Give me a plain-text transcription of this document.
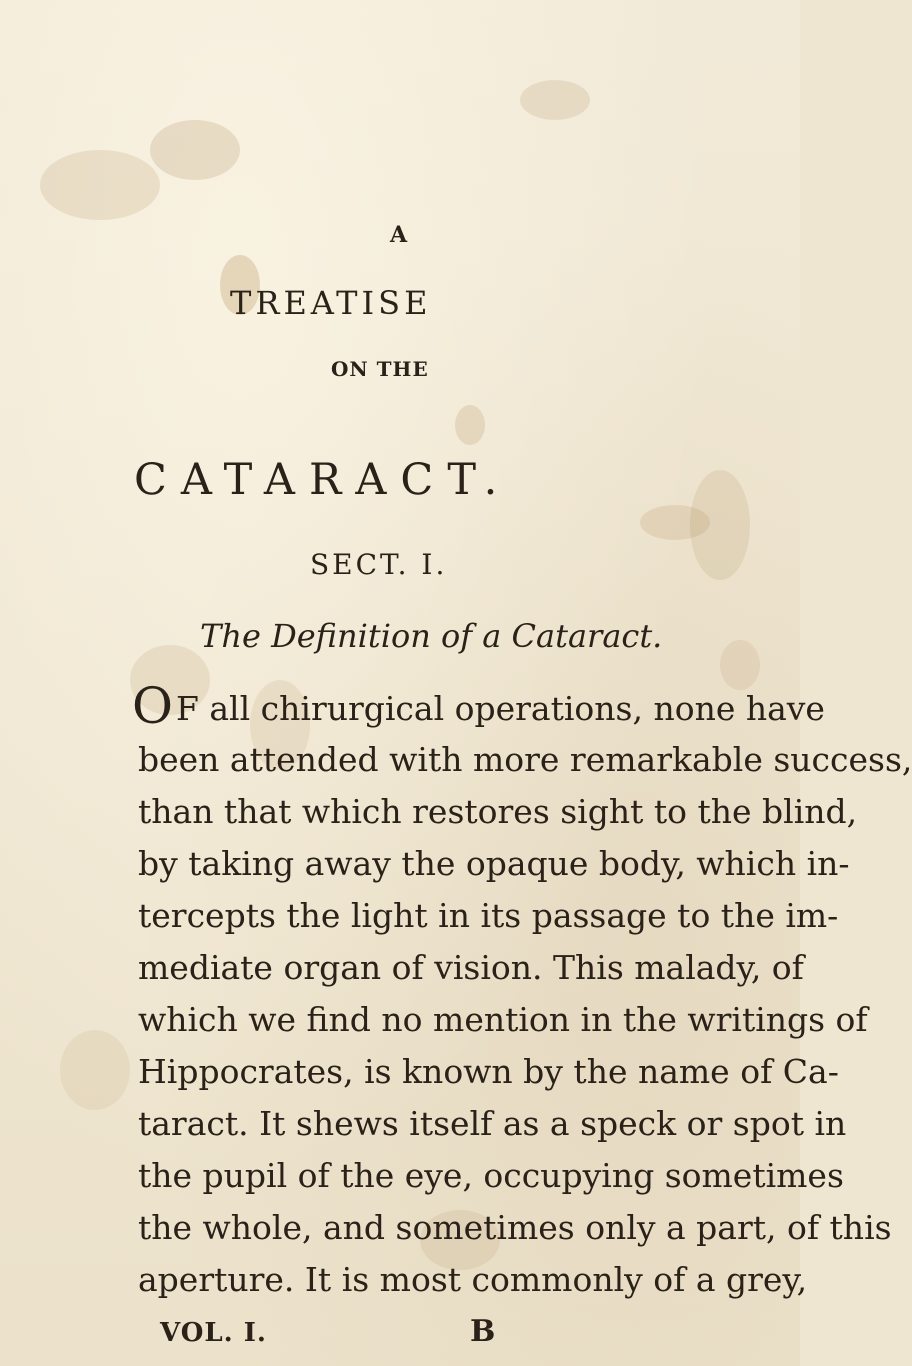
A
TREATISE
ON THE
CATARACT.
SECT. I.
The Definition of a Cataract.
O F all chirurgical operations, none have
been attended with more remarkable success,
than that which restores sight to the blind,
by taking away the opaque body, which in-
tercepts the light in its passage to the im-
mediate organ of vision. This malady, of
which we find no mention in the writings of
Hippocrates, is known by the name of Ca-
taract. It shews itself as a speck or spot in
the pupil of the eye, occupying sometimes
the whole, and sometimes only a part, of this
aperture. It is most commonly of a grey,
VOL. I.	B
